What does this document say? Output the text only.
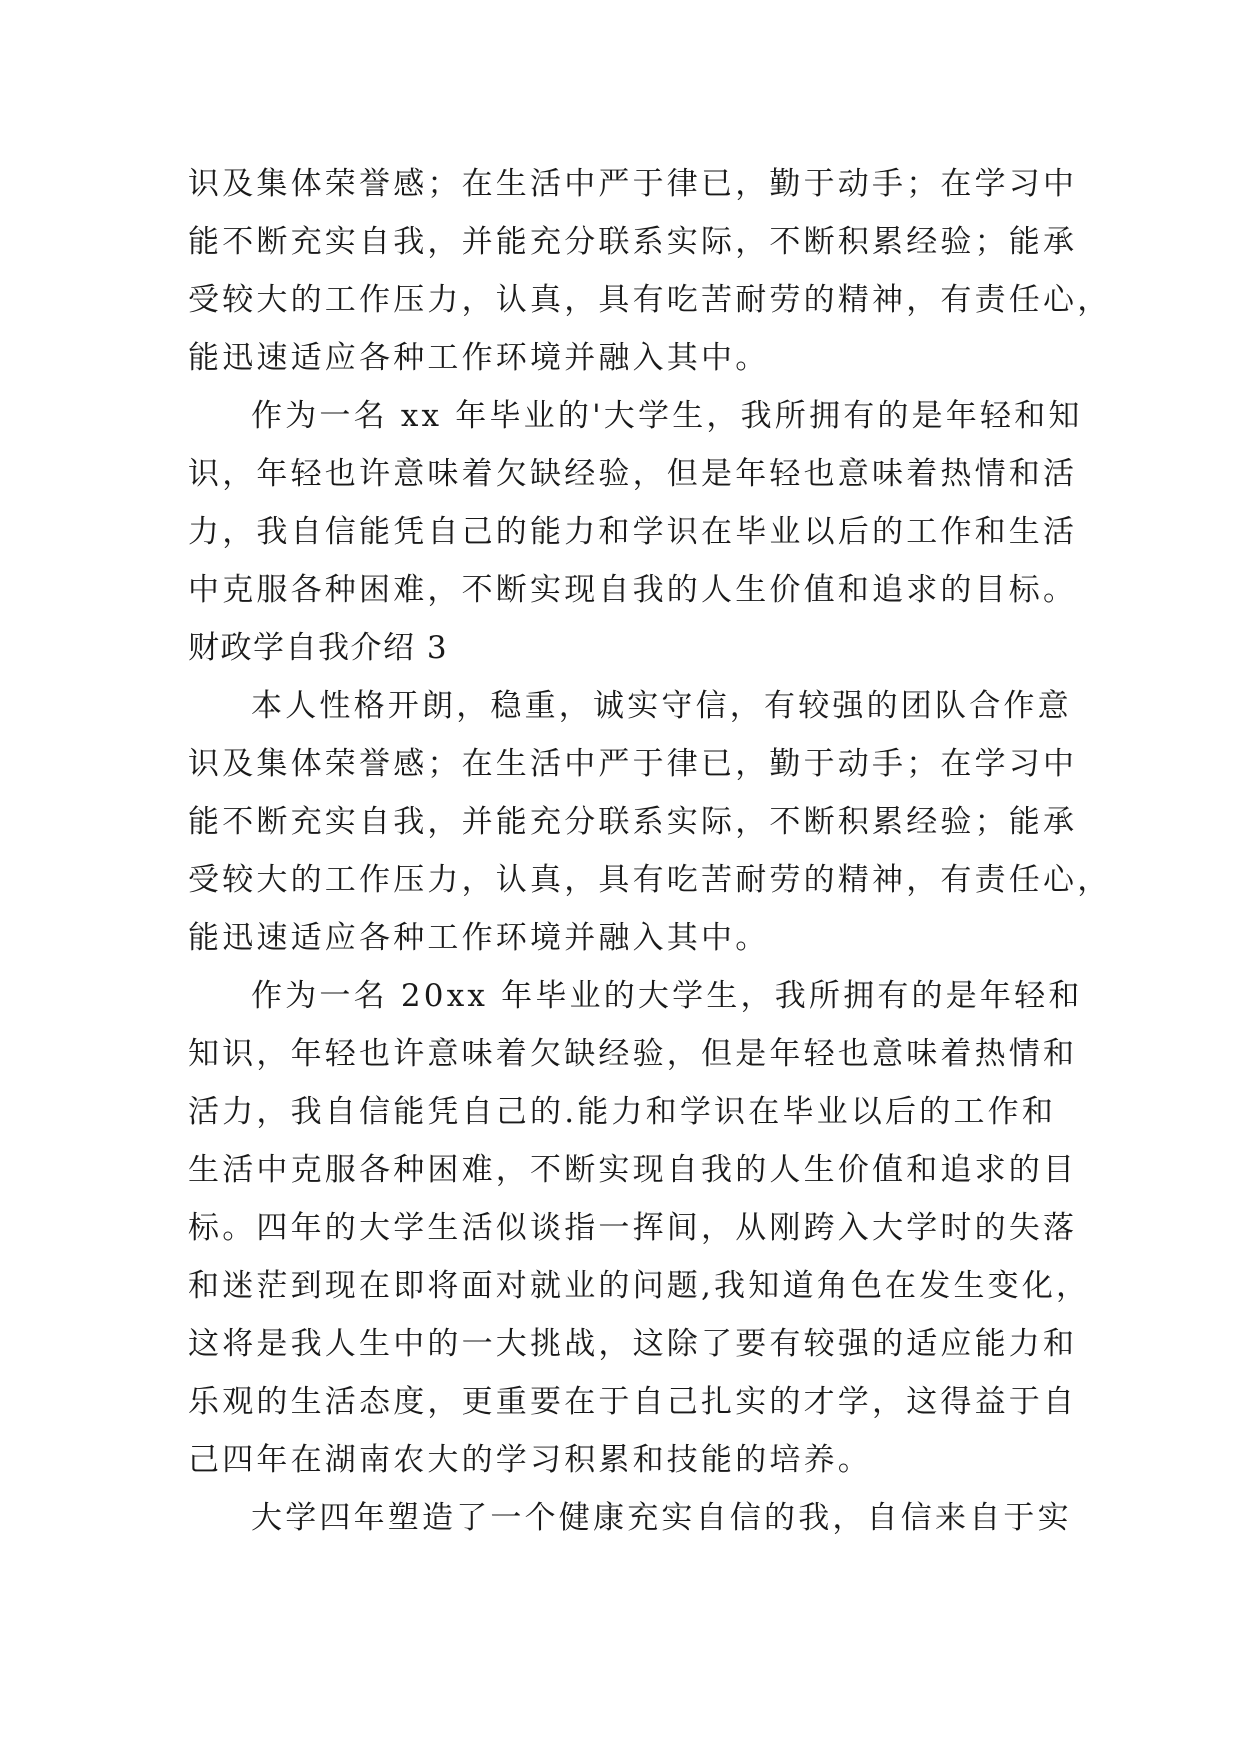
识及集体荣誉感；在生活中严于律已，勤于动手；在学习中
能不断充实自我，并能充分联系实际，不断积累经验；能承
受较大的工作压力，认真，具有吃苦耐劳的精神，有责任心，
能迅速适应各种工作环境并融入其中。
作为一名 xx 年毕业的'大学生，我所拥有的是年轻和知
识，年轻也许意味着欠缺经验，但是年轻也意味着热情和活
力，我自信能凭自己的能力和学识在毕业以后的工作和生活
中克服各种困难，不断实现自我的人生价值和追求的目标。
财政学自我介绍 3
本人性格开朗，稳重，诚实守信，有较强的团队合作意
识及集体荣誉感；在生活中严于律已，勤于动手；在学习中
能不断充实自我，并能充分联系实际，不断积累经验；能承
受较大的工作压力，认真，具有吃苦耐劳的精神，有责任心，
能迅速适应各种工作环境并融入其中。
作为一名 20xx 年毕业的大学生，我所拥有的是年轻和
知识，年轻也许意味着欠缺经验，但是年轻也意味着热情和
活力，我自信能凭自己的.能力和学识在毕业以后的工作和
生活中克服各种困难，不断实现自我的人生价值和追求的目
标。四年的大学生活似谈指一挥间，从刚跨入大学时的失落
和迷茫到现在即将面对就业的问题,我知道角色在发生变化，
这将是我人生中的一大挑战，这除了要有较强的适应能力和
乐观的生活态度，更重要在于自己扎实的才学，这得益于自
己四年在湖南农大的学习积累和技能的培养。
大学四年塑造了一个健康充实自信的我，自信来自于实
